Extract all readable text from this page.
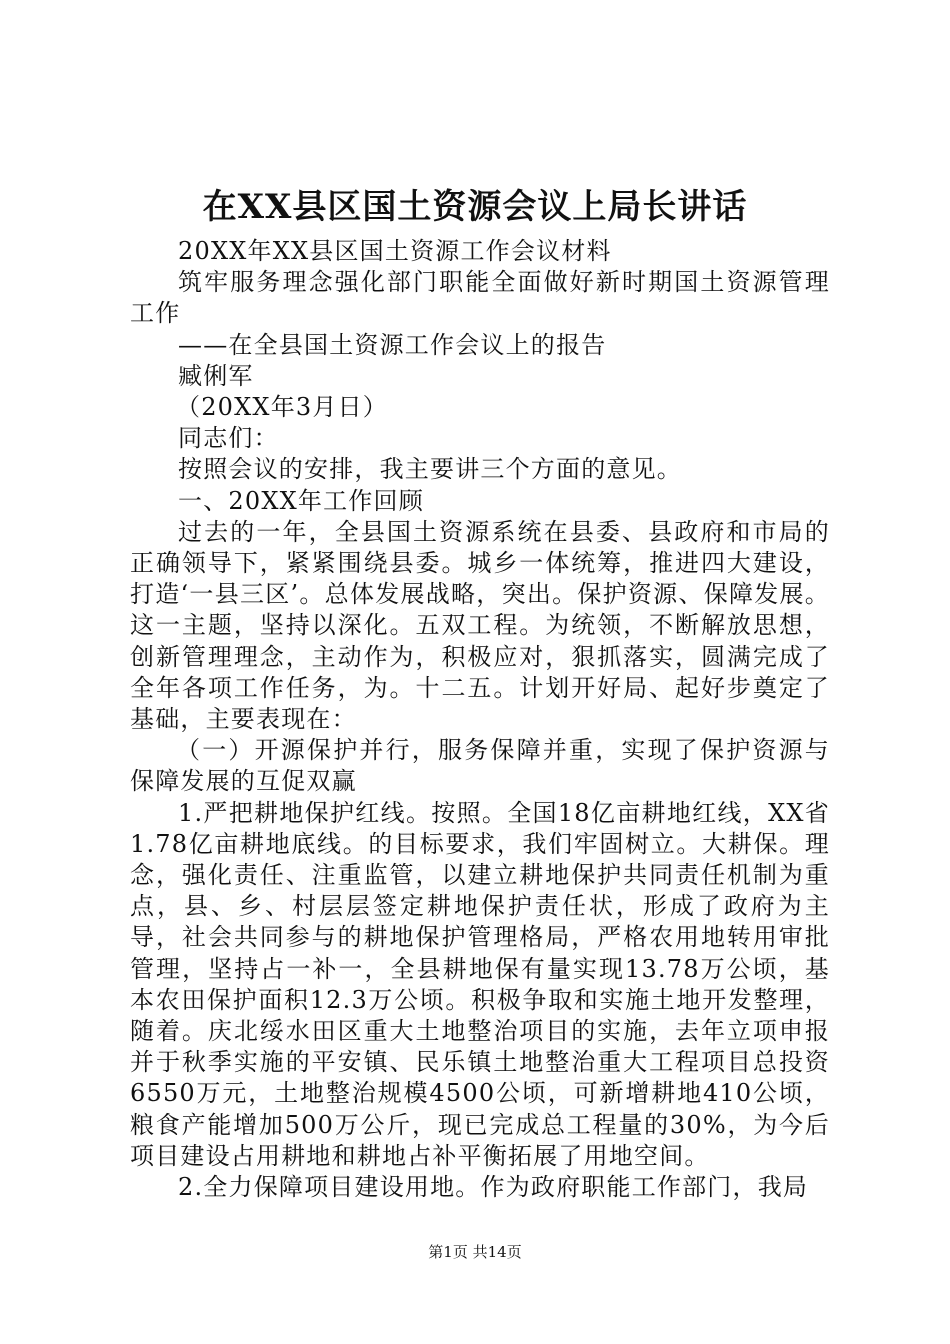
在XX县区国土资源会议上局长讲话

20XX年XX县区国土资源工作会议材料

筑牢服务理念强化部门职能全面做好新时期国土资源管理工作

——在全县国土资源工作会议上的报告

臧俐军

（20XX年3月日）

同志们：

按照会议的安排，我主要讲三个方面的意见。

一、20XX年工作回顾

过去的一年，全县国土资源系统在县委、县政府和市局的正确领导下，紧紧围绕县委。城乡一体统筹，推进四大建设，打造‘一县三区’。总体发展战略，突出。保护资源、保障发展。这一主题，坚持以深化。五双工程。为统领，不断解放思想，创新管理理念，主动作为，积极应对，狠抓落实，圆满完成了全年各项工作任务，为。十二五。计划开好局、起好步奠定了基础，主要表现在：

（一）开源保护并行，服务保障并重，实现了保护资源与保障发展的互促双赢

1.严把耕地保护红线。按照。全国18亿亩耕地红线，XX省1.78亿亩耕地底线。的目标要求，我们牢固树立。大耕保。理念，强化责任、注重监管，以建立耕地保护共同责任机制为重点，县、乡、村层层签定耕地保护责任状，形成了政府为主导，社会共同参与的耕地保护管理格局，严格农用地转用审批管理，坚持占一补一，全县耕地保有量实现13.78万公顷，基本农田保护面积12.3万公顷。积极争取和实施土地开发整理，随着。庆北绥水田区重大土地整治项目的实施，去年立项申报并于秋季实施的平安镇、民乐镇土地整治重大工程项目总投资6550万元，土地整治规模4500公顷，可新增耕地410公顷，粮食产能增加500万公斤，现已完成总工程量的30%，为今后项目建设占用耕地和耕地占补平衡拓展了用地空间。

2.全力保障项目建设用地。作为政府职能工作部门，我局

第1页 共14页
